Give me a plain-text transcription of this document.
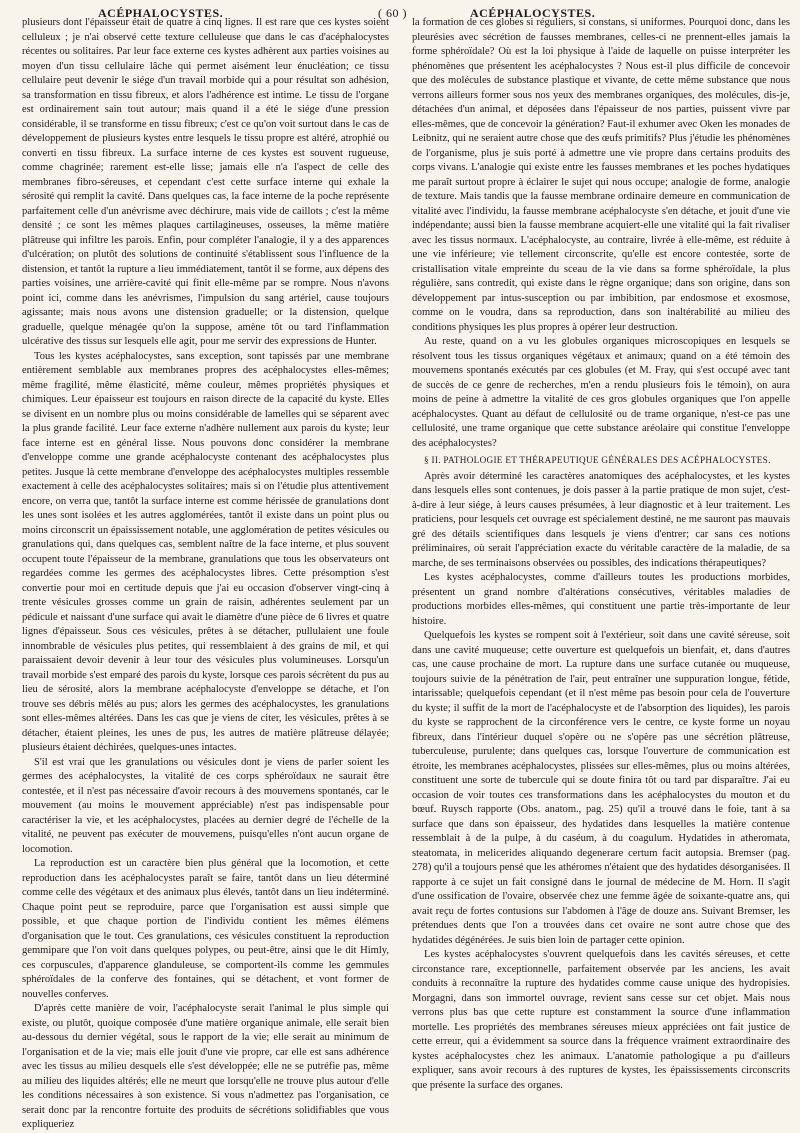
ACÉPHALOCYSTES.	( 60 )	ACÉPHALOCYSTES.

plusieurs dont l'épaisseur était de quatre à cinq lignes. Il est rare que ces kystes soient celluleux ; je n'ai observé cette texture celluleuse que dans le cas d'acéphalocystes récentes ou solitaires. Par leur face externe ces kystes adhèrent aux parties voisines au moyen d'un tissu cellulaire lâche qui permet aisément leur énucléation; ce tissu cellulaire peut devenir le siége d'un travail morbide qui a pour résultat son adhésion, sa transformation en tissu fibreux, et alors l'adhérence est intime. Le tissu de l'organe est ordinairement sain tout autour; mais quand il a été le siége d'une pression considérable, il se transforme en tissu fibreux; c'est ce qu'on voit surtout dans le cas de développement de plusieurs kystes entre lesquels le tissu propre est altéré, atrophié ou converti en tissu fibreux. La surface interne de ces kystes est souvent rugueuse, comme chagrinée; rarement est-elle lisse; jamais elle n'a l'aspect de celle des membranes fibro-séreuses, et cependant c'est cette surface interne qui exhale la sérosité qui remplit la cavité. Dans quelques cas, la face interne de la poche représente parfaitement celle d'un anévrisme avec déchirure, mais vide de caillots ; c'est la même densité ; ce sont les mêmes plaques cartilagineuses, osseuses, la même matière plâtreuse qui infiltre les parois. Enfin, pour compléter l'analogie, il y a des apparences d'ulcération; on plutôt des solutions de continuité s'établissent sous l'influence de la distension, et tantôt la rupture a lieu immédiatement, tantôt il se forme, aux dépens des parties voisines, une arrière-cavité qui finit elle-même par se rompre. Nous n'avons point ici, comme dans les anévrismes, l'impulsion du sang artériel, cause toujours agissante; mais nous avons une distension graduelle; or la distension, quelque graduelle, quelque ménagée qu'on la suppose, amène tôt ou tard l'inflammation ulcérative des tissus sur lesquels elle agit, pour me servir des expressions de Hunter.

Tous les kystes acéphalocystes, sans exception, sont tapissés par une membrane entièrement semblable aux membranes propres des acéphalocystes elles-mêmes; même fragilité, même élasticité, même couleur, mêmes propriétés physiques et chimiques. Leur épaisseur est toujours en raison directe de la capacité du kyste. Elles se divisent en un nombre plus ou moins considérable de lamelles qui se séparent avec la plus grande facilité. Leur face externe n'adhère nullement aux parois du kyste; leur face interne est en général lisse. Nous pouvons donc considérer la membrane d'enveloppe comme une grande acéphalocyste contenant des acéphalocystes plus petites. Jusque là cette membrane d'enveloppe des acéphalocystes multiples ressemble exactement à celle des acéphalocystes solitaires; mais si on l'étudie plus attentivement encore, on verra que, tantôt la surface interne est comme hérissée de granulations dont les unes sont isolées et les autres agglomérées, tantôt il existe dans un point plus ou moins circonscrit un épaississement notable, une agglomération de petites vésicules ou granulations qui, dans quelques cas, semblent naître de la face interne, et plus souvent occupent toute l'épaisseur de la membrane, granulations que tous les observateurs ont regardées comme les germes des acéphalocystes libres. Cette présomption s'est convertie pour moi en certitude depuis que j'ai eu occasion d'observer vingt-cinq à trente vésicules grosses comme un grain de raisin, adhérentes seulement par un pédicule et naissant d'une surface qui avait le diamètre d'une pièce de 6 livres et quatre lignes d'épaisseur. Sous ces vésicules, prêtes à se détacher, pullulaient une foule innombrable de vésicules plus petites, qui ressemblaient à des grains de mil, et qui paraissaient devoir devenir à leur tour des vésicules plus volumineuses. Lorsqu'un travail morbide s'est emparé des parois du kyste, lorsque ces parois sécrètent du pus au lieu de sérosité, alors la membrane acéphalocyste d'enveloppe se détache, et l'on trouve ses débris mêlés au pus; alors les germes des acéphalocystes, les granulations sont elles-mêmes altérées. Dans les cas que je viens de citer, les vésicules, prêtes à se détacher, étaient pleines, les unes de pus, les autres de matière plâtreuse délayée; plusieurs étaient déchirées, quelques-unes intactes.

S'il est vrai que les granulations ou vésicules dont je viens de parler soient les germes des acéphalocystes, la vitalité de ces corps sphéroïdaux ne saurait être contestée, et il n'est pas nécessaire d'avoir recours à des mouvemens spontanés, car le mouvement (au moins le mouvement appréciable) n'est pas indispensable pour caractériser la vie, et les acéphalocystes, placées au dernier degré de l'échelle de la vitalité, ne peuvent pas exécuter de mouvemens, puisqu'elles n'ont aucun organe de locomotion.

La reproduction est un caractère bien plus général que la locomotion, et cette reproduction dans les acéphalocystes paraît se faire, tantôt dans un lieu déterminé comme celle des végétaux et des animaux plus élevés, tantôt dans un lieu indéterminé. Chaque point peut se reproduire, parce que l'organisation est aussi simple que possible, et que chaque portion de l'individu contient les mêmes élémens d'organisation que le tout. Ces granulations, ces vésicules constituent la reproduction gemmipare que l'on voit dans quelques polypes, ou peut-être, ainsi que le dit Himly, ces corpuscules, d'apparence glanduleuse, se comportent-ils comme les gemmules sphéroïdales de la conferve des fontaines, qui se détachent, et vont former de nouvelles conferves.

D'après cette manière de voir, l'acéphalocyste serait l'animal le plus simple qui existe, ou plutôt, quoique composée d'une matière organique animale, elle serait bien au-dessous du dernier végétal, sous le rapport de la vie; elle serait au minimum de l'organisation et de la vie; mais elle jouit d'une vie propre, car elle est sans adhérence avec les tissus au milieu desquels elle s'est développée; elle ne se putréfie pas, même au milieu des liquides altérés; elle ne meurt que lorsqu'elle ne trouve plus autour d'elle les conditions nécessaires à son existence. Si vous n'admettez pas l'organisation, ce serait donc par la rencontre fortuite des produits de sécrétions solidifiables que vous expliqueriez

la formation de ces globes si réguliers, si constans, si uniformes. Pourquoi donc, dans les pleurésies avec sécrétion de fausses membranes, celles-ci ne prennent-elles jamais la forme sphéroïdale? Où est la loi physique à l'aide de laquelle on puisse interpréter les phénomènes que présentent les acéphalocystes ? Nous est-il plus difficile de concevoir que des molécules de substance plastique et vivante, de cette même substance que nous verrons ailleurs former sous nos yeux des membranes organiques, des molécules, dis-je, détachées d'un animal, et déposées dans l'épaisseur de nos parties, puissent vivre par elles-mêmes, que de concevoir la génération? Faut-il exhumer avec Oken les monades de Leibnitz, qui ne seraient autre chose que des œufs primitifs? Plus j'étudie les phénomènes de l'organisme, plus je suis porté à admettre une vie propre dans certains produits des corps vivans. L'analogie qui existe entre les fausses membranes et les poches hydatiques me paraît surtout propre à éclairer le sujet qui nous occupe; analogie de forme, analogie de texture. Mais tandis que la fausse membrane ordinaire demeure en communication de vitalité avec l'individu, la fausse membrane acéphalocyste s'en détache, et jouit d'une vie indépendante; aussi bien la fausse membrane acquiert-elle une vitalité qui la fait rivaliser avec les tissus normaux. L'acéphalocyste, au contraire, livrée à elle-même, est réduite à une vie inférieure; vie tellement circonscrite, qu'elle est encore contestée, sorte de cristallisation vitale empreinte du sceau de la vie dans sa forme sphéroïdale, la plus régulière, sans contredit, qui existe dans le règne organique; dans son origine, dans son développement par intus-susception ou par imbibition, par endosmose et exosmose, comme on le voudra, dans sa reproduction, dans son inaltérabilité au milieu des conditions physiques les plus propres à opérer leur destruction.

Au reste, quand on a vu les globules organiques microscopiques en lesquels se résolvent tous les tissus organiques végétaux et animaux; quand on a été témoin des mouvemens spontanés exécutés par ces globules (et M. Fray, qui s'est occupé avec tant de succès de ce genre de recherches, m'en a rendu plusieurs fois le témoin), on aura moins de peine à admettre la vitalité de ces gros globules organiques que l'on appelle acéphalocystes. Quant au défaut de cellulosité ou de trame organique, n'est-ce pas une cellulosité, une trame organique que cette substance aréolaire qui constitue l'enveloppe des acéphalocystes?

§ II. PATHOLOGIE ET THÉRAPEUTIQUE GÉNÉRALES DES ACÉPHALOCYSTES.

Après avoir déterminé les caractères anatomiques des acéphalocystes, et les kystes dans lesquels elles sont contenues, je dois passer à la partie pratique de mon sujet, c'est-à-dire à leur siége, à leurs causes présumées, à leur diagnostic et à leur traitement. Les praticiens, pour lesquels cet ouvrage est spécialement destiné, ne me sauront pas mauvais gré des détails scientifiques dans lesquels je viens d'entrer; car sans ces notions préliminaires, où serait l'appréciation exacte du véritable caractère de la maladie, de sa marche, de ses terminaisons observées ou possibles, des indications thérapeutiques?

Les kystes acéphalocystes, comme d'ailleurs toutes les productions morbides, présentent un grand nombre d'altérations consécutives, véritables maladies de productions morbides elles-mêmes, qui constituent une partie très-importante de leur histoire.

Quelquefois les kystes se rompent soit à l'extérieur, soit dans une cavité séreuse, soit dans une cavité muqueuse; cette ouverture est quelquefois un bienfait, et, dans d'autres cas, une cause prochaine de mort. La rupture dans une surface cutanée ou muqueuse, toujours suivie de la pénétration de l'air, peut entraîner une suppuration longue, fétide, intarissable; quelquefois cependant (et il n'est même pas besoin pour cela de l'ouverture du kyste; il suffit de la mort de l'acéphalocyste et de l'absorption des liquides), les parois du kyste se rapprochent de la circonférence vers le centre, ce kyste forme un noyau fibreux, dans l'intérieur duquel s'opère ou ne s'opère pas une sécrétion plâtreuse, tuberculeuse, purulente; dans quelques cas, lorsque l'ouverture de communication est étroite, les membranes acéphalocystes, plissées sur elles-mêmes, plus ou moins altérées, constituent une sorte de tubercule qui se doute finira tôt ou tard par disparaître. J'ai eu occasion de voir toutes ces transformations dans les acéphalocystes du mouton et du bœuf. Ruysch rapporte (Obs. anatom., pag. 25) qu'il a trouvé dans le foie, tant à sa surface que dans son épaisseur, des hydatides dans lesquelles la matière contenue ressemblait à de la pulpe, à du caséum, à du coagulum. Hydatides in atheromata, steatomata, in melicerides aliquando degenerare certum facit autopsia. Bremser (pag. 278) qu'il a toujours pensé que les athéromes n'étaient que des hydatides désorganisées. Il rapporte à ce sujet un fait consigné dans le journal de médecine de M. Horn. Il s'agit d'une ossification de l'ovaire, observée chez une femme âgée de soixante-quatre ans, qui avait reçu de fortes contusions sur l'abdomen à l'âge de douze ans. Suivant Bremser, les prétendues dents que l'on a trouvées dans cet ovaire ne sont autre chose que des hydatides dégénérées. Je suis bien loin de partager cette opinion.

Les kystes acéphalocystes s'ouvrent quelquefois dans les cavités séreuses, et cette circonstance rare, exceptionnelle, parfaitement observée par les anciens, les avait conduits à reconnaître la rupture des hydatides comme cause unique des hydropisies. Morgagni, dans son immortel ouvrage, revient sans cesse sur cet objet. Mais nous verrons plus bas que cette rupture est constamment la source d'une inflammation mortelle. Les propriétés des membranes séreuses mieux appréciées ont fait justice de cette erreur, qui a évidemment sa source dans la fréquence vraiment extraordinaire des kystes acéphalocystes chez les animaux. L'anatomie pathologique a pu d'ailleurs expliquer, sans avoir recours à des ruptures de kystes, les épaississements circonscrits que présente la surface des organes.
